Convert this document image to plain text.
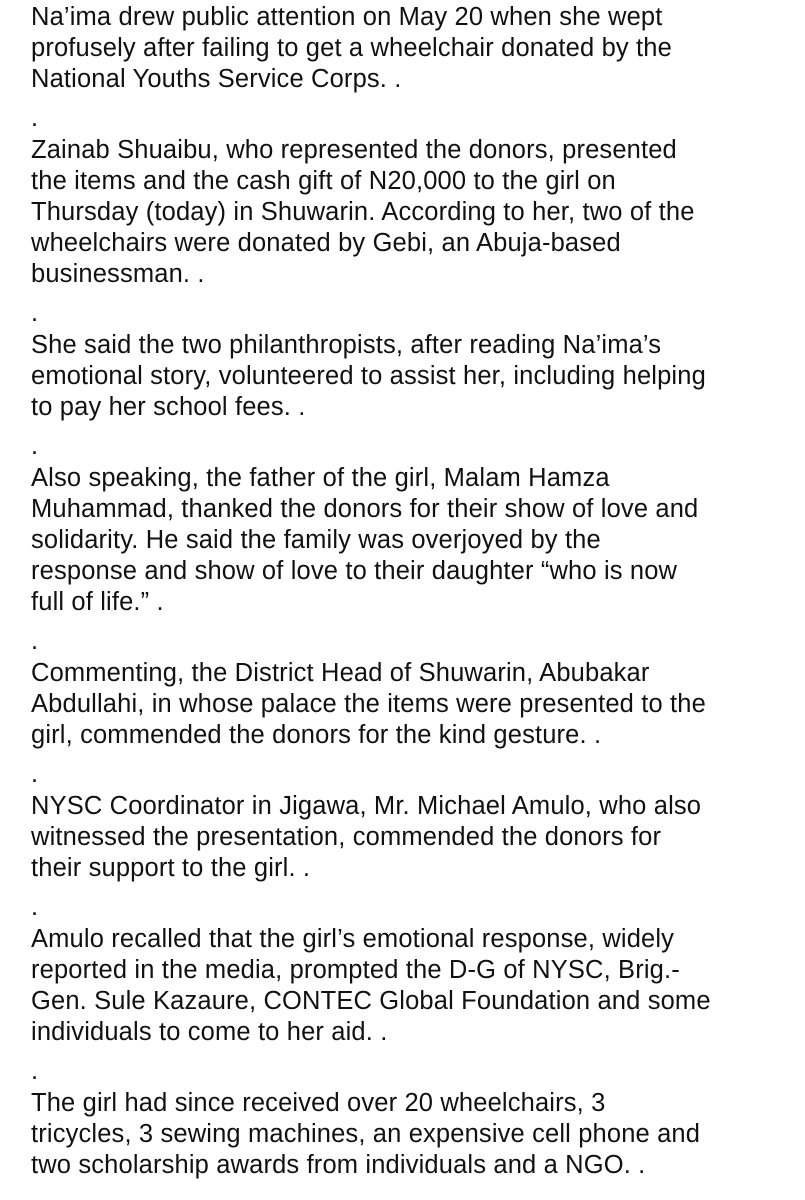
Na’ima drew public attention on May 20 when she wept

profusely after failing to get a wheelchair donated by the

National Youths Service Corps. .

.

Zainab Shuaibu, who represented the donors, presented

the items and the cash gift of N20,000 to the girl on

Thursday (today) in Shuwarin. According to her, two of the

wheelchairs were donated by Gebi, an Abuja-based

businessman. .

.

She said the two philanthropists, after reading Na’ima’s

emotional story, volunteered to assist her, including helping

to pay her school fees. .

.

Also speaking, the father of the girl, Malam Hamza

Muhammad, thanked the donors for their show of love and

solidarity. He said the family was overjoyed by the

response and show of love to their daughter “who is now

full of life.” .

.

Commenting, the District Head of Shuwarin, Abubakar

Abdullahi, in whose palace the items were presented to the

girl, commended the donors for the kind gesture. .

.

NYSC Coordinator in Jigawa, Mr. Michael Amulo, who also

witnessed the presentation, commended the donors for

their support to the girl. .

.

Amulo recalled that the girl’s emotional response, widely

reported in the media, prompted the D-G of NYSC, Brig.-

Gen. Sule Kazaure, CONTEC Global Foundation and some

individuals to come to her aid. .

.

The girl had since received over 20 wheelchairs, 3

tricycles, 3 sewing machines, an expensive cell phone and

two scholarship awards from individuals and a NGO. .
